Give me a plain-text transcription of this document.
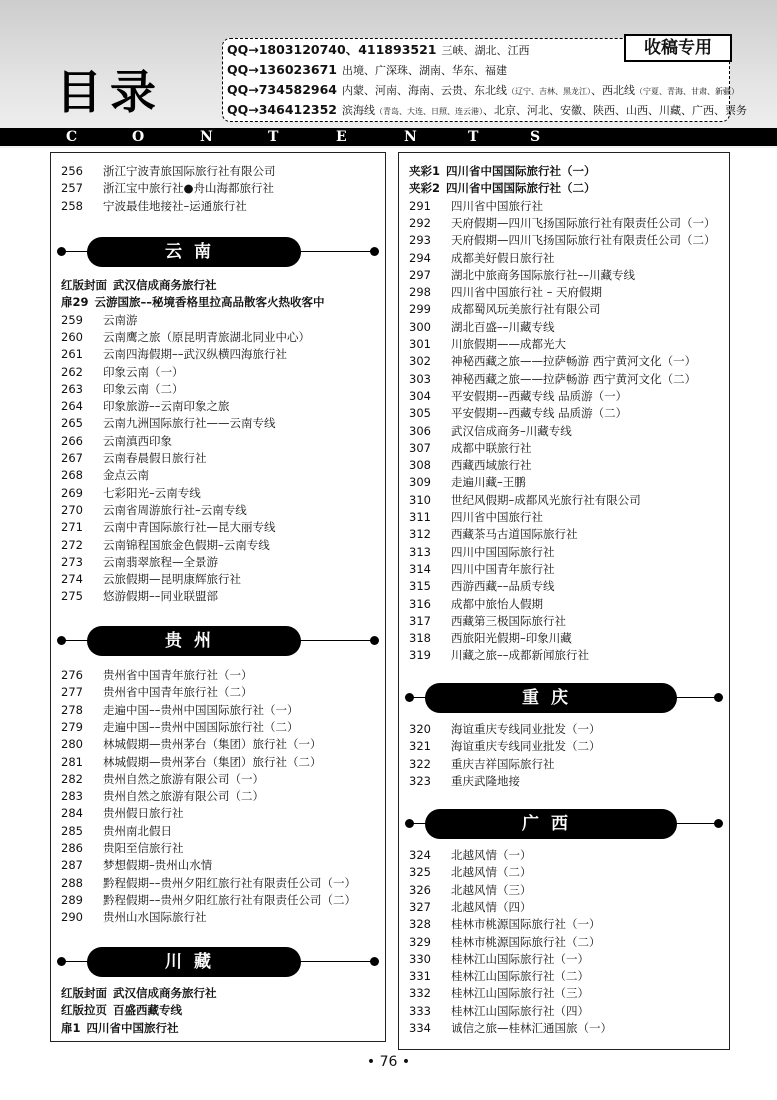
目录
QQ→1803120740、411893521 三峡、湖北、江西
QQ→136023671 出境、广深珠、湖南、华东、福建
QQ→734582964 内蒙、河南、海南、云贵、东北线（辽宁、吉林、黑龙江）、西北线（宁夏、青海、甘肃、新疆）
QQ→346412352 滨海线（青岛、大连、日照、连云港）、北京、河北、安徽、陕西、山西、川藏、广西、票务
收稿专用
C	O	N	T	E	N	T	S
256 浙江宁波青旅国际旅行社有限公司
257 浙江宝中旅行社●舟山海都旅行社
258 宁波最佳地接社–运通旅行社
云南
红版封面 武汉信成商务旅行社
扉29 云游国旅––秘境香格里拉高品散客火热收客中
259 云南游
260 云南鹰之旅（原昆明青旅湖北同业中心）
261 云南四海假期––武汉纵横四海旅行社
262 印象云南（一）
263 印象云南（二）
264 印象旅游––云南印象之旅
265 云南九洲国际旅行社——云南专线
266 云南滇西印象
267 云南春晨假日旅行社
268 金点云南
269 七彩阳光–云南专线
270 云南省周游旅行社–云南专线
271 云南中青国际旅行社—昆大丽专线
272 云南锦程国旅金色假期–云南专线
273 云南翡翠旅程—全景游
274 云旅假期—昆明康辉旅行社
275 悠游假期––同业联盟部
贵州
276 贵州省中国青年旅行社（一）
277 贵州省中国青年旅行社（二）
278 走遍中国––贵州中国国际旅行社（一）
279 走遍中国––贵州中国国际旅行社（二）
280 林城假期—贵州茅台（集团）旅行社（一）
281 林城假期—贵州茅台（集团）旅行社（二）
282 贵州自然之旅游有限公司（一）
283 贵州自然之旅游有限公司（二）
284 贵州假日旅行社
285 贵州南北假日
286 贵阳至信旅行社
287 梦想假期–贵州山水情
288 黔程假期––贵州夕阳红旅行社有限责任公司（一）
289 黔程假期––贵州夕阳红旅行社有限责任公司（二）
290 贵州山水国际旅行社
川藏
红版封面 武汉信成商务旅行社
红版拉页 百盛西藏专线
扉1 四川省中国旅行社
夹彩1 四川省中国国际旅行社（一）
夹彩2 四川省中国国际旅行社（二）
291 四川省中国旅行社
292 天府假期—四川飞扬国际旅行社有限责任公司（一）
293 天府假期—四川飞扬国际旅行社有限责任公司（二）
294 成都美好假日旅行社
297 湖北中旅商务国际旅行社––川藏专线
298 四川省中国旅行社 – 天府假期
299 成都蜀风玩美旅行社有限公司
300 湖北百盛––川藏专线
301 川旅假期——成都光大
302 神秘西藏之旅——拉萨畅游 西宁黄河文化（一）
303 神秘西藏之旅——拉萨畅游 西宁黄河文化（二）
304 平安假期––西藏专线 品质游（一）
305 平安假期––西藏专线 品质游（二）
306 武汉信成商务–川藏专线
307 成都中联旅行社
308 西藏西域旅行社
309 走遍川藏–王鹏
310 世纪风假期–成都风光旅行社有限公司
311 四川省中国旅行社
312 西藏茶马古道国际旅行社
313 四川中国国际旅行社
314 四川中国青年旅行社
315 西游西藏––品质专线
316 成都中旅怡人假期
317 西藏第三极国际旅行社
318 西旅阳光假期–印象川藏
319 川藏之旅––成都新闻旅行社
重庆
320 海谊重庆专线同业批发（一）
321 海谊重庆专线同业批发（二）
322 重庆吉祥国际旅行社
323 重庆武隆地接
广西
324 北越风情（一）
325 北越风情（二）
326 北越风情（三）
327 北越风情（四）
328 桂林市桃源国际旅行社（一）
329 桂林市桃源国际旅行社（二）
330 桂林江山国际旅行社（一）
331 桂林江山国际旅行社（二）
332 桂林江山国际旅行社（三）
333 桂林江山国际旅行社（四）
334 诚信之旅—桂林汇通国旅（一）
• 76 •
